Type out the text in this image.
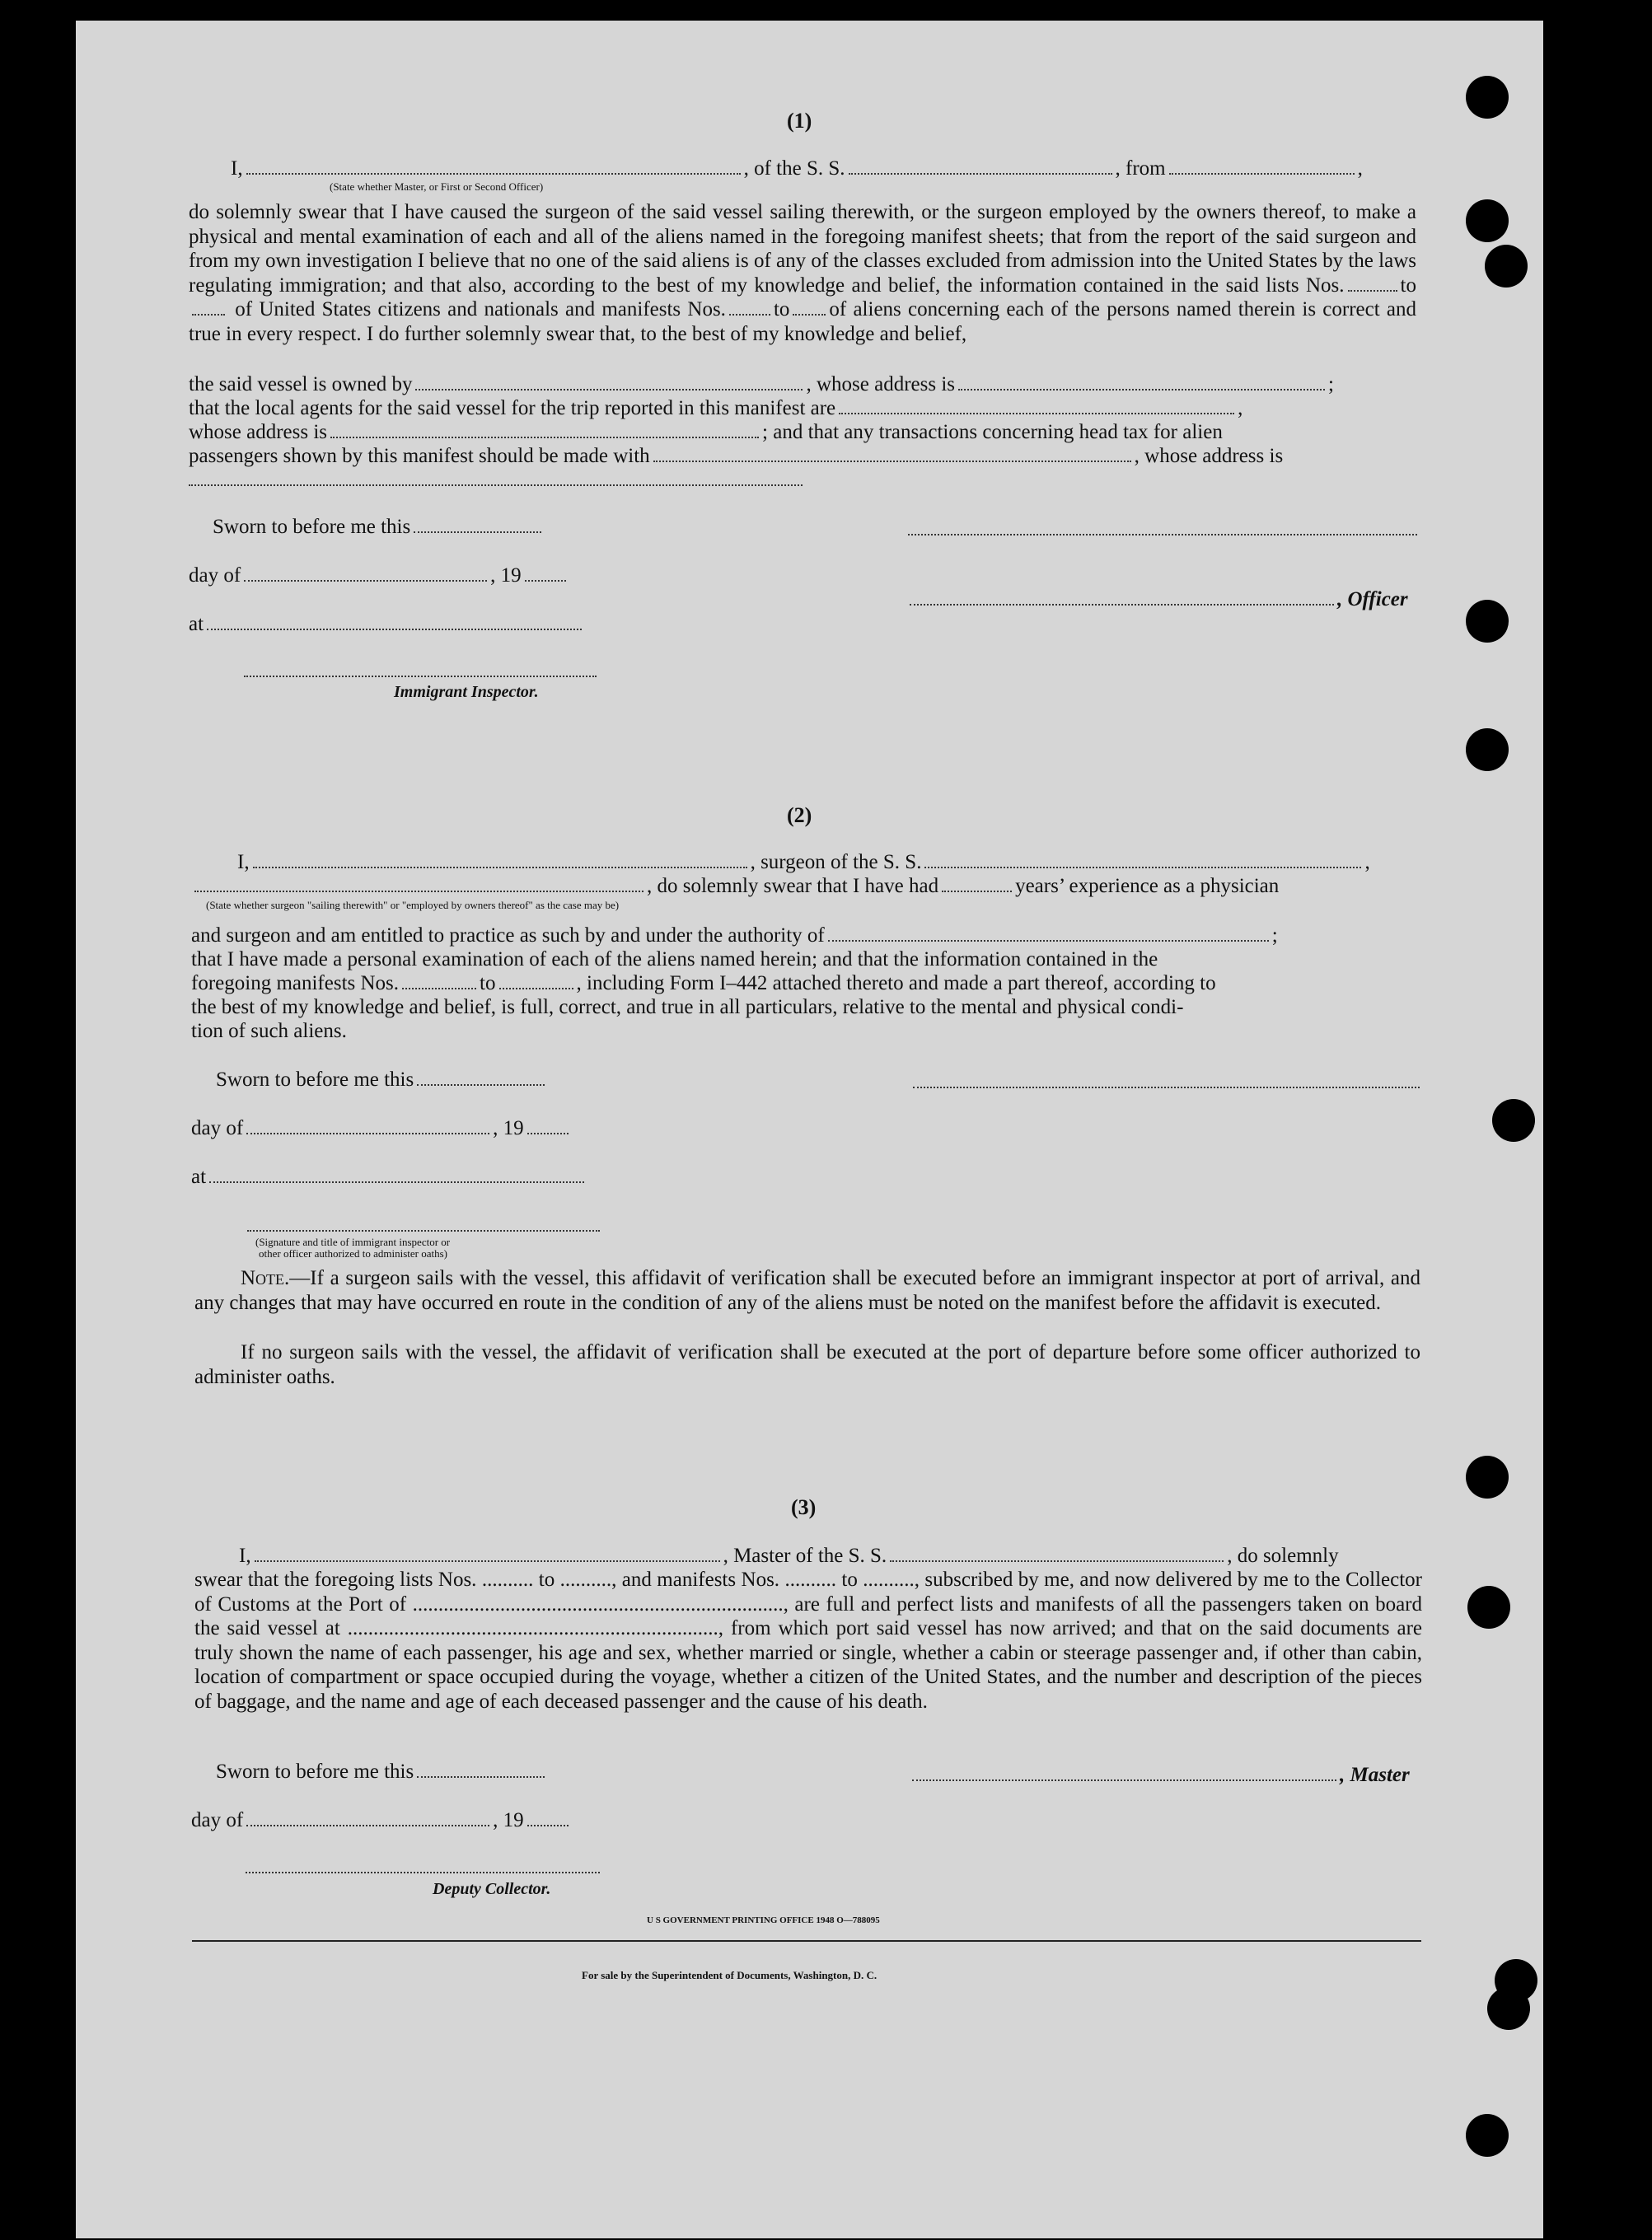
(1)
I,	, of the S. S.	, from	,
(State whether Master, or First or Second Officer)
do solemnly swear that I have caused the surgeon of the said vessel sailing therewith, or the surgeon employed by the owners thereof, to make a physical and mental examination of each and all of the aliens named in the foregoing manifest sheets; that from the report of the said surgeon and from my own investigation I believe that no one of the said aliens is of any of the classes excluded from admission into the United States by the laws regulating immigration; and that also, according to the best of my knowledge and belief, the information contained in the said lists Nos.	to of United States citizens and nationals and manifests Nos. to of aliens concerning each of the persons named therein is correct and true in every respect. I do further solemnly swear that, to the best of my knowledge and belief,
the said vessel is owned by	, whose address is	;
that the local agents for the said vessel for the trip reported in this manifest are	,
whose address is	; and that any transactions concerning head tax for alien
passengers shown by this manifest should be made with	, whose address is
Sworn to before me this
day of	, 19
, Officer
at
Immigrant Inspector.
(2)
I,	, surgeon of the S. S.	,
, do solemnly swear that I have had	years’ experience as a physician
(State whether surgeon "sailing therewith" or "employed by owners thereof" as the case may be)
and surgeon and am entitled to practice as such by and under the authority of	;
that I have made a personal examination of each of the aliens named herein; and that the information contained in the
foregoing manifests Nos.	to	, including Form I–442 attached thereto and made a part thereof, according to
the best of my knowledge and belief, is full, correct, and true in all particulars, relative to the mental and physical condi-
tion of such aliens.
Sworn to before me this
day of	, 19
at
(Signature and title of immigrant inspector or
other officer authorized to administer oaths)
Note.—If a surgeon sails with the vessel, this affidavit of verification shall be executed before an immigrant inspector at port of arrival, and any changes that may have occurred en route in the condition of any of the aliens must be noted on the manifest before the affidavit is executed.
If no surgeon sails with the vessel, the affidavit of verification shall be executed at the port of departure before some officer authorized to administer oaths.
(3)
I,	, Master of the S. S.	, do solemnly
swear that the foregoing lists Nos. .......... to .........., and manifests Nos. .......... to .........., subscribed by me, and now delivered by me to the Collector of Customs at the Port of ........................................................................, are full and perfect lists and manifests of all the passengers taken on board the said vessel at ........................................................................, from which port said vessel has now arrived; and that on the said documents are truly shown the name of each passenger, his age and sex, whether married or single, whether a cabin or steerage passenger and, if other than cabin, location of compartment or space occupied during the voyage, whether a citizen of the United States, and the number and description of the pieces of baggage, and the name and age of each deceased passenger and the cause of his death.
Sworn to before me this	, Master
day of	, 19
Deputy Collector.
U S GOVERNMENT PRINTING OFFICE 1948 O—788095
For sale by the Superintendent of Documents, Washington, D. C.
